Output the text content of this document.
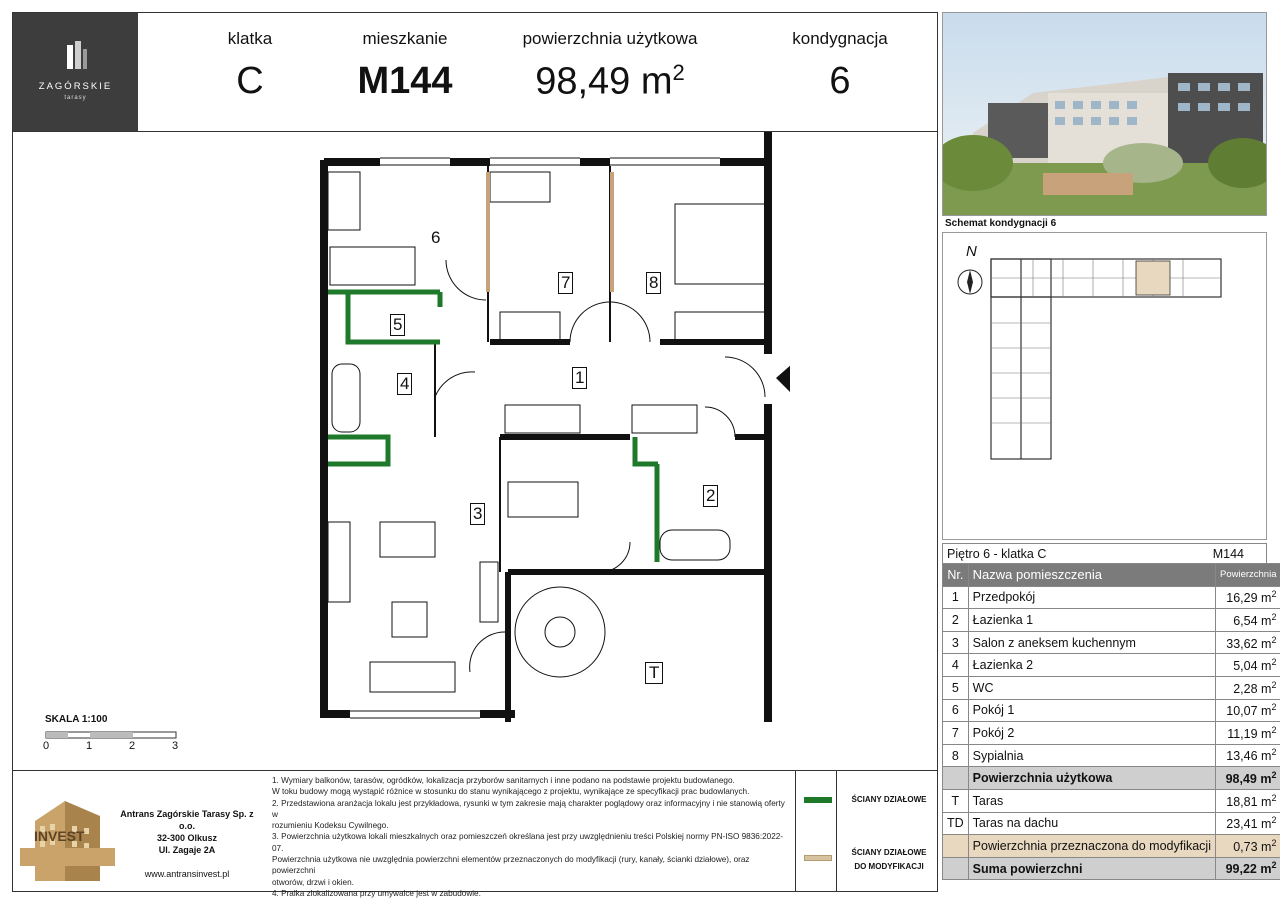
ZAGÓRSKIE
tarasy
klatka
C
mieszkanie
M144
powierzchnia użytkowa
98,49 $m^2$
kondygnacja
6
Schemat kondygnacji 6
N
Piętro 6 - klatka C	M144
Nr.	Nazwa pomieszczenia	Powierzchnia
1	Przedpokój	16,29 $m^2$
2	Łazienka 1	6,54 $m^2$
3	Salon z aneksem kuchennym	33,62 $m^2$
4	Łazienka 2	5,04 $m^2$
5	WC	2,28 $m^2$
6	Pokój 1	10,07 $m^2$
7	Pokój 2	11,19 $m^2$
8	Sypialnia	13,46 $m^2$
	Powierzchnia użytkowa	98,49 $m^2$
T	Taras	18,81 $m^2$
TD	Taras na dachu	23,41 $m^2$
	Powierzchnia przeznaczona do modyfikacji	0,73 $m^2$
	Suma powierzchni	99,22 $m^2$
6
7	8
5
1
4
2
3
T
SKALA 1:100
0	1	2	3
INVEST
Antrans Zagórskie Tarasy Sp. z o.o.
32-300 Olkusz
Ul. Zagaje 2A
www.antransinvest.pl
1. Wymiary balkonów, tarasów, ogródków, lokalizacja przyborów sanitarnych i inne podano na podstawie projektu budowlanego.
W toku budowy mogą wystąpić różnice w stosunku do stanu wynikającego z projektu, wynikające ze specyfikacji prac budowlanych.
2. Przedstawiona aranżacja lokalu jest przykładowa, rysunki w tym zakresie mają charakter poglądowy oraz informacyjny i nie stanowią oferty w
rozumieniu Kodeksu Cywilnego.
3. Powierzchnia użytkowa lokali mieszkalnych oraz pomieszczeń określana jest przy uwzględnieniu treści Polskiej normy PN-ISO 9836:2022-07.
Powierzchnia użytkowa nie uwzględnia powierzchni elementów przeznaczonych do modyfikacji (rury, kanały, ścianki działowe), oraz powierzchni
otworów, drzwi i okien.
4. Pralka zlokalizowana przy umywalce jest w zabudowie.
ŚCIANY DZIAŁOWE
ŚCIANY DZIAŁOWE
DO MODYFIKACJI
